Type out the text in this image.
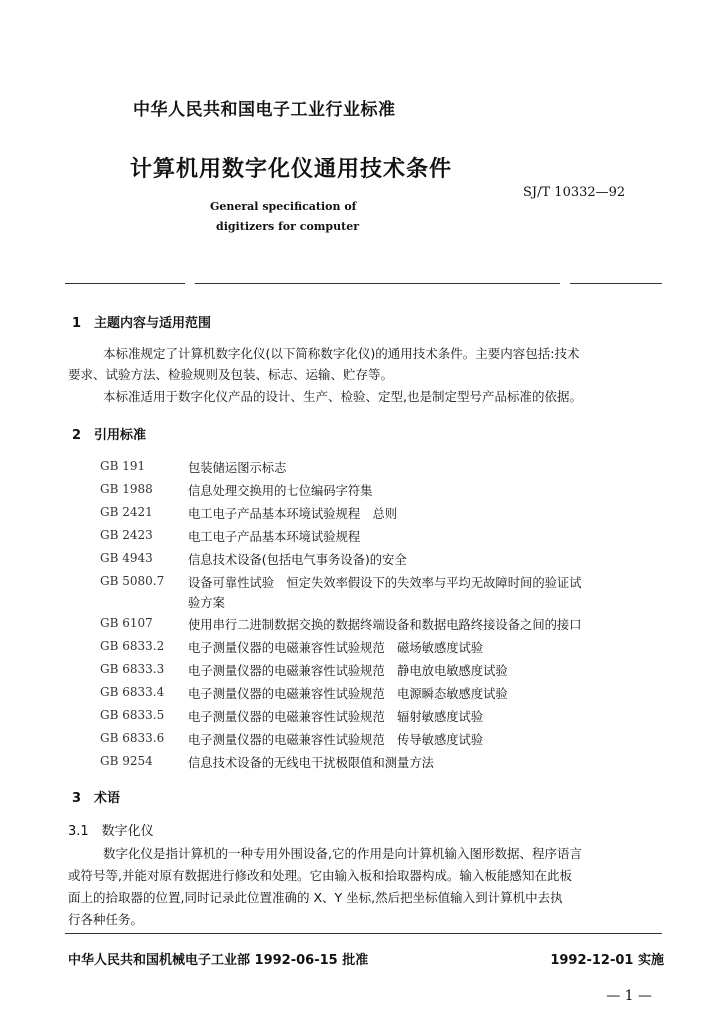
中华人民共和国电子工业行业标准
计算机用数字化仪通用技术条件
SJ/T 10332—92
General specification of
digitizers for computer
1　主题内容与适用范围
本标准规定了计算机数字化仪(以下简称数字化仪)的通用技术条件。主要内容包括:技术
要求、试验方法、检验规则及包装、标志、运输、贮存等。
本标准适用于数字化仪产品的设计、生产、检验、定型,也是制定型号产品标准的依据。
2　引用标准
GB 191	包装储运图示标志
GB 1988	信息处理交换用的七位编码字符集
GB 2421	电工电子产品基本环境试验规程　总则
GB 2423	电工电子产品基本环境试验规程
GB 4943	信息技术设备(包括电气事务设备)的安全
GB 5080.7 设备可靠性试验　恒定失效率假设下的失效率与平均无故障时间的验证试
验方案
GB 6107	使用串行二进制数据交换的数据终端设备和数据电路终接设备之间的接口
GB 6833.2 电子测量仪器的电磁兼容性试验规范　磁场敏感度试验
GB 6833.3 电子测量仪器的电磁兼容性试验规范　静电放电敏感度试验
GB 6833.4 电子测量仪器的电磁兼容性试验规范　电源瞬态敏感度试验
GB 6833.5 电子测量仪器的电磁兼容性试验规范　辐射敏感度试验
GB 6833.6 电子测量仪器的电磁兼容性试验规范　传导敏感度试验
GB 9254	信息技术设备的无线电干扰极限值和测量方法
3　术语
3.1　数字化仪
数字化仪是指计算机的一种专用外围设备,它的作用是向计算机输入图形数据、程序语言
或符号等,并能对原有数据进行修改和处理。它由输入板和拾取器构成。输入板能感知在此板
面上的拾取器的位置,同时记录此位置准确的 X、Y 坐标,然后把坐标值输入到计算机中去执
行各种任务。
中华人民共和国机械电子工业部 1992-06-15 批准	1992-12-01 实施
— 1 —
